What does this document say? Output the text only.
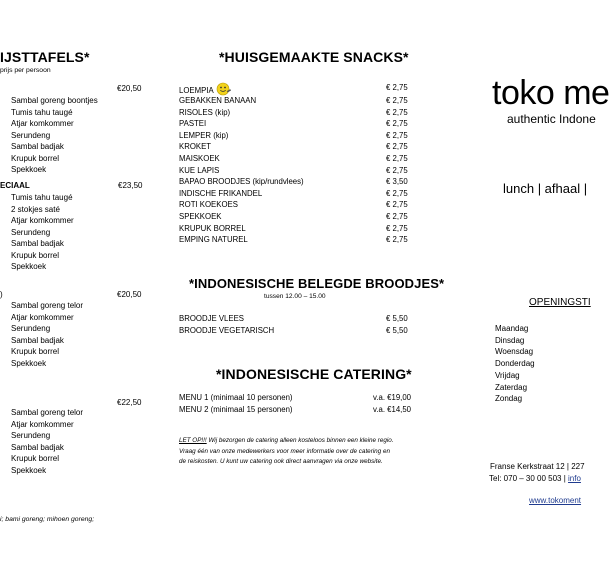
IJSTTAFELS*
prijs per persoon
€20,50
Sambal goreng boontjes
Tumis tahu taugé
Atjar komkommer
Serundeng
Sambal badjak
Krupuk borrel
Spekkoek
ECIAAL	€23,50
Tumis tahu taugé
2 stokjes saté
Atjar komkommer
Serundeng
Sambal badjak
Krupuk borrel
Spekkoek
)	€20,50
Sambal goreng telor
Atjar komkommer
Serundeng
Sambal badjak
Krupuk borrel
Spekkoek
€22,50
Sambal goreng telor
Atjar komkommer
Serundeng
Sambal badjak
Krupuk borrel
Spekkoek
i; bami goreng; mihoen goreng;
*HUISGEMAAKTE SNACKS*
LOEMPIA	€ 2,75
GEBAKKEN BANAAN	€ 2,75
RISOLES (kip)	€ 2,75
PASTEI	€ 2,75
LEMPER (kip)	€ 2,75
KROKET	€ 2,75
MAISKOEK	€ 2,75
KUE LAPIS	€ 2,75
BAPAO BROODJES (kip/rundvlees)	€ 3,50
INDISCHE FRIKANDEL	€ 2,75
ROTI KOEKOES	€ 2,75
SPEKKOEK	€ 2,75
KRUPUK BORREL	€ 2,75
EMPING NATUREL	€ 2,75
*INDONESISCHE BELEGDE BROODJES*
tussen 12.00 – 15.00
BROODJE VLEES	€ 5,50
BROODJE VEGETARISCH	€ 5,50
*INDONESISCHE CATERING*
MENU 1 (minimaal 10 personen)	v.a. €19,00
MENU 2 (minimaal 15 personen)	v.a. €14,50
LET OP!!! Wij bezorgen de catering alleen kosteloos binnen een kleine regio.
Vraag één van onze medewerkers voor meer informatie over de catering en
de reiskosten. U kunt uw catering ook direct aanvragen via onze website.
toko me
authentic Indone
lunch | afhaal |
OPENINGSTI
Maandag
Dinsdag
Woensdag
Donderdag
Vrijdag
Zaterdag
Zondag
Franse Kerkstraat 12 | 227
Tel: 070 – 30 00 503 | info
www.tokoment
